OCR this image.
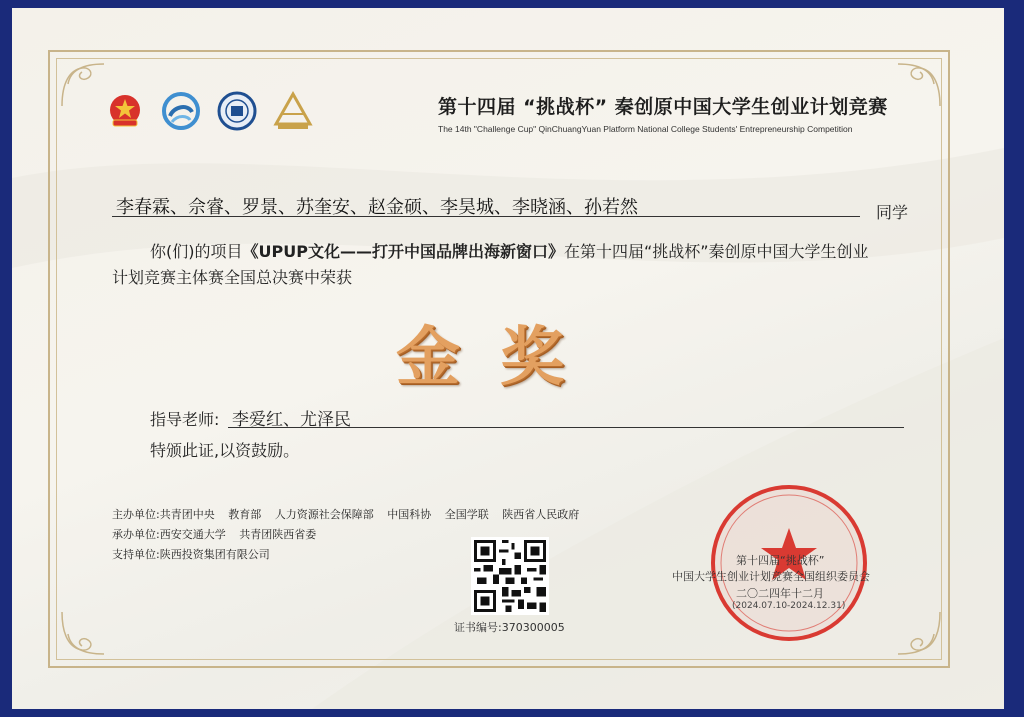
第十四届 “挑战杯” 秦创原中国大学生创业计划竞赛
The 14th "Challenge Cup" QinChuangYuan Platform National College Students' Entrepreneurship Competition
李春霖、佘睿、罗景、苏奎安、赵金硕、李昊城、李晓涵、孙若然	同学
你(们)的项目《UPUP文化——打开中国品牌出海新窗口》在第十四届“挑战杯”秦创原中国大学生创业
计划竞赛主体赛全国总决赛中荣获
金奖
指导老师: 李爱红、尤泽民
特颁此证,以资鼓励。
主办单位: 共青团中央 教育部 人力资源社会保障部 中国科协 全国学联 陕西省人民政府
承办单位: 西安交通大学 共青团陕西省委
支持单位: 陕西投资集团有限公司
证书编号:370300005
第十四届“挑战杯”
中国大学生创业计划竞赛全国组织委员会
二〇二四年十二月
(2024.07.10-2024.12.31)
